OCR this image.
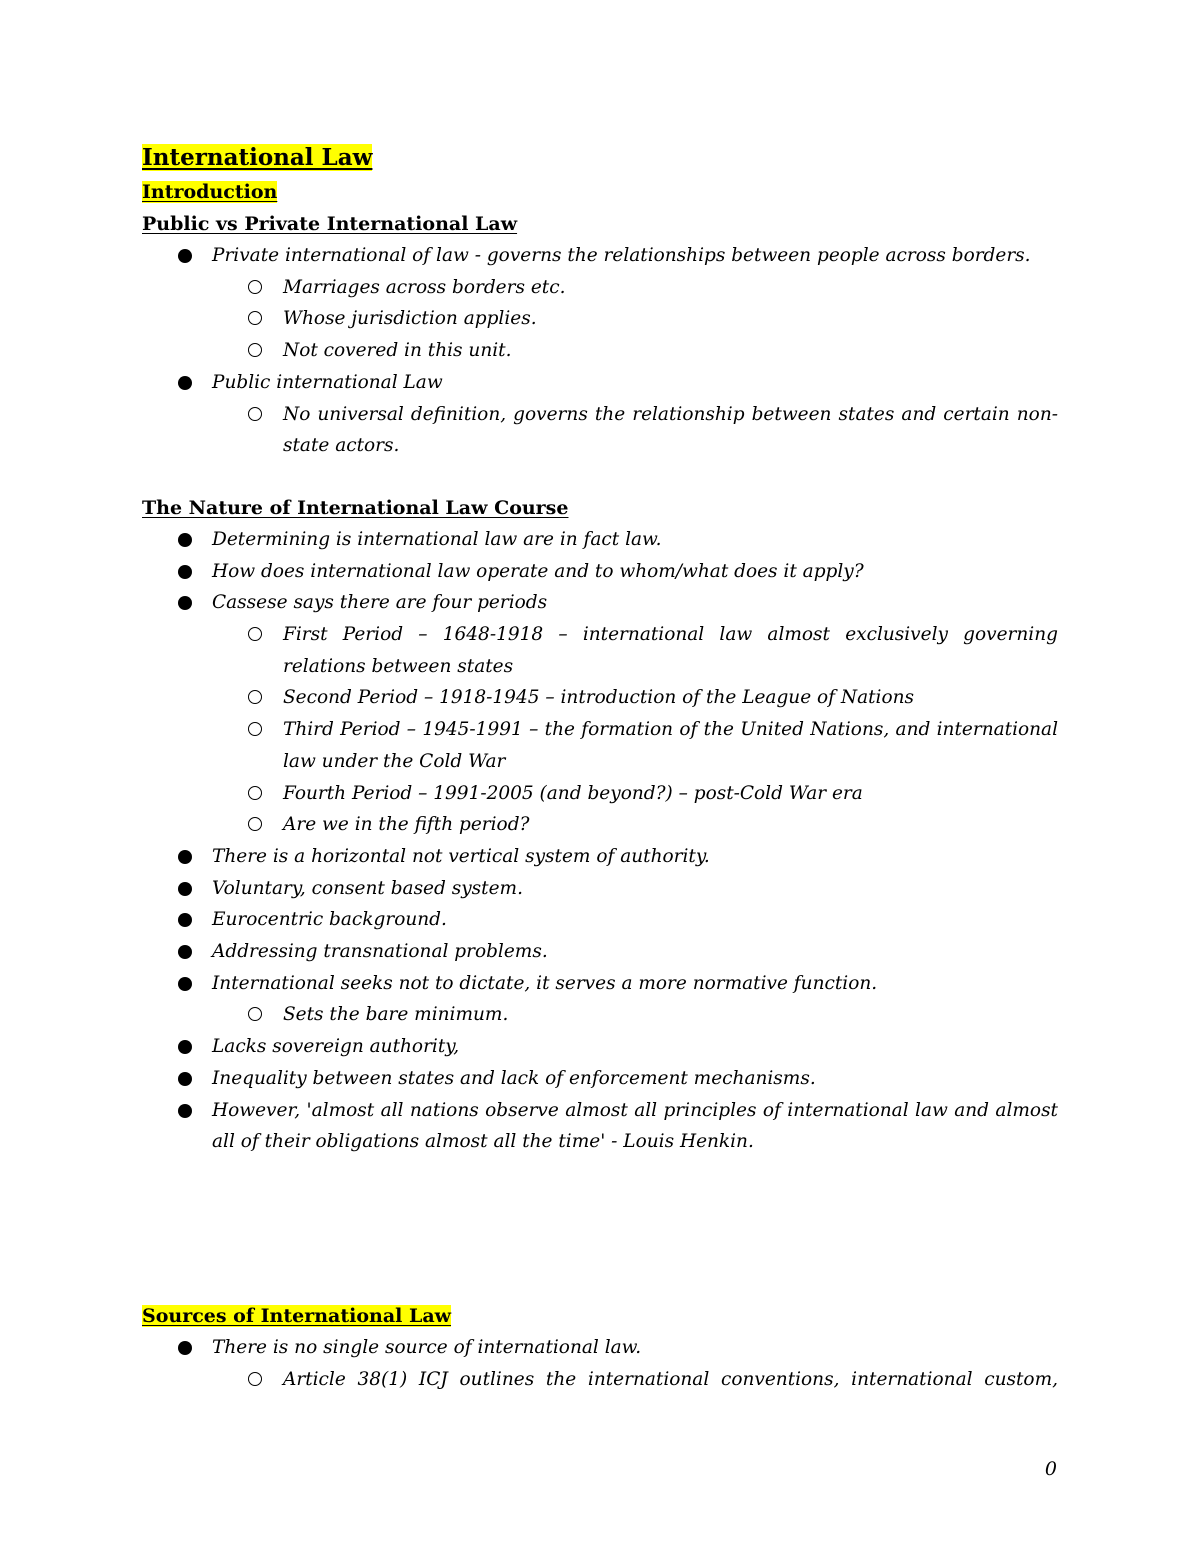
International Law
Introduction
Public vs Private International Law
Private international of law - governs the relationships between people across borders.
Marriages across borders etc.
Whose jurisdiction applies.
Not covered in this unit.
Public international Law
No universal definition, governs the relationship between states and certain non-state actors.
The Nature of International Law Course
Determining is international law are in fact law.
How does international law operate and to whom/what does it apply?
Cassese says there are four periods
First Period – 1648-1918 – international law almost exclusively governing relations between states
Second Period – 1918-1945 – introduction of the League of Nations
Third Period – 1945-1991 – the formation of the United Nations, and international law under the Cold War
Fourth Period – 1991-2005 (and beyond?) – post-Cold War era
Are we in the fifth period?
There is a horizontal not vertical system of authority.
Voluntary, consent based system.
Eurocentric background.
Addressing transnational problems.
International seeks not to dictate, it serves a more normative function.
Sets the bare minimum.
Lacks sovereign authority,
Inequality between states and lack of enforcement mechanisms.
However, 'almost all nations observe almost all principles of international law and almost all of their obligations almost all the time' - Louis Henkin.
Sources of International Law
There is no single source of international law.
Article 38(1) ICJ outlines the international conventions, international custom,
0
